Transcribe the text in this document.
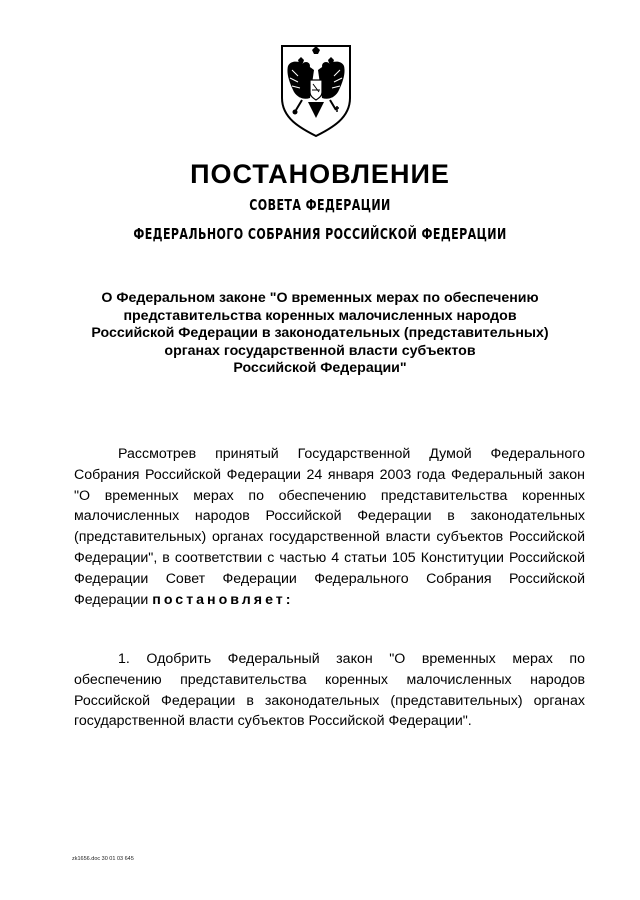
ПОСТАНОВЛЕНИЕ
СОВЕТА ФЕДЕРАЦИИ
ФЕДЕРАЛЬНОГО СОБРАНИЯ РОССИЙСКОЙ ФЕДЕРАЦИИ
О Федеральном законе "О временных мерах по обеспечению
представительства коренных малочисленных народов
Российской Федерации в законодательных (представительных)
органах государственной власти субъектов
Российской Федерации"
Рассмотрев принятый Государственной Думой Федерального Собрания Российской Федерации 24 января 2003 года Федеральный закон "О временных мерах по обеспечению представительства коренных малочисленных народов Российской Федерации в законодательных (представительных) органах государственной власти субъектов Российской Федерации", в соответствии с частью 4 статьи 105 Конституции Российской Федерации Совет Федерации Федерального Собрания Российской Федерации постановляет:
1. Одобрить Федеральный закон "О временных мерах по обеспечению представительства коренных малочисленных народов Российской Федерации в законодательных (представительных) органах государственной власти субъектов Российской Федерации".
zk1656.doc 30 01 03 645
